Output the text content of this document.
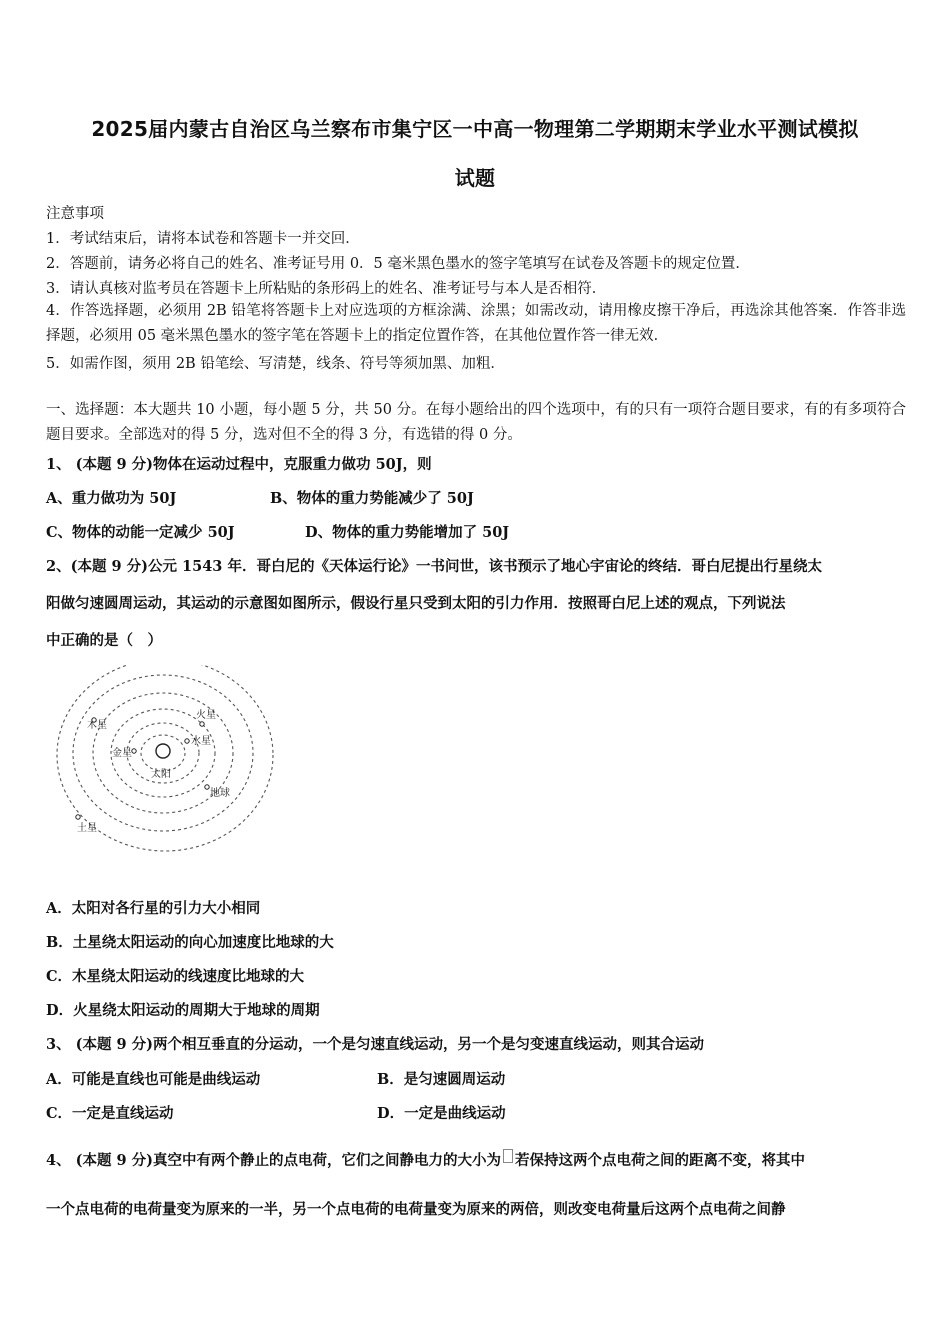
2025届内蒙古自治区乌兰察布市集宁区一中高一物理第二学期期末学业水平测试模拟
试题
注意事项
1．考试结束后，请将本试卷和答题卡一并交回．
2．答题前，请务必将自己的姓名、准考证号用 0．5 毫米黑色墨水的签字笔填写在试卷及答题卡的规定位置．
3．请认真核对监考员在答题卡上所粘贴的条形码上的姓名、准考证号与本人是否相符．
4．作答选择题，必须用 2B 铅笔将答题卡上对应选项的方框涂满、涂黑；如需改动，请用橡皮擦干净后，再选涂其他答案．作答非选择题，必须用 05 毫米黑色墨水的签字笔在答题卡上的指定位置作答，在其他位置作答一律无效．
5．如需作图，须用 2B 铅笔绘、写清楚，线条、符号等须加黑、加粗．
一、选择题：本大题共 10 小题，每小题 5 分，共 50 分。在每小题给出的四个选项中，有的只有一项符合题目要求，有的有多项符合题目要求。全部选对的得 5 分，选对但不全的得 3 分，有选错的得 0 分。
1、 (本题 9 分)物体在运动过程中，克服重力做功 50J，则
A、重力做功为 50J	B、物体的重力势能减少了 50J
C、物体的动能一定减少 50J	D、物体的重力势能增加了 50J
2、(本题 9 分)公元 1543 年．哥白尼的《天体运行论》一书问世，该书预示了地心宇宙论的终结．哥白尼提出行星绕太
阳做匀速圆周运动，其运动的示意图如图所示，假设行星只受到太阳的引力作用．按照哥白尼上述的观点，下列说法
中正确的是（　）
太阳
水星
金星
地球
火星
木星
土星
A．太阳对各行星的引力大小相同
B．土星绕太阳运动的向心加速度比地球的大
C．木星绕太阳运动的线速度比地球的大
D．火星绕太阳运动的周期大于地球的周期
3、 (本题 9 分)两个相互垂直的分运动，一个是匀速直线运动，另一个是匀变速直线运动，则其合运动
A．可能是直线也可能是曲线运动	B．是匀速圆周运动
C．一定是直线运动	D．一定是曲线运动
4、 (本题 9 分)真空中有两个静止的点电荷，它们之间静电力的大小为 若保持这两个点电荷之间的距离不变，将其中
一个点电荷的电荷量变为原来的一半，另一个点电荷的电荷量变为原来的两倍，则改变电荷量后这两个点电荷之间静
